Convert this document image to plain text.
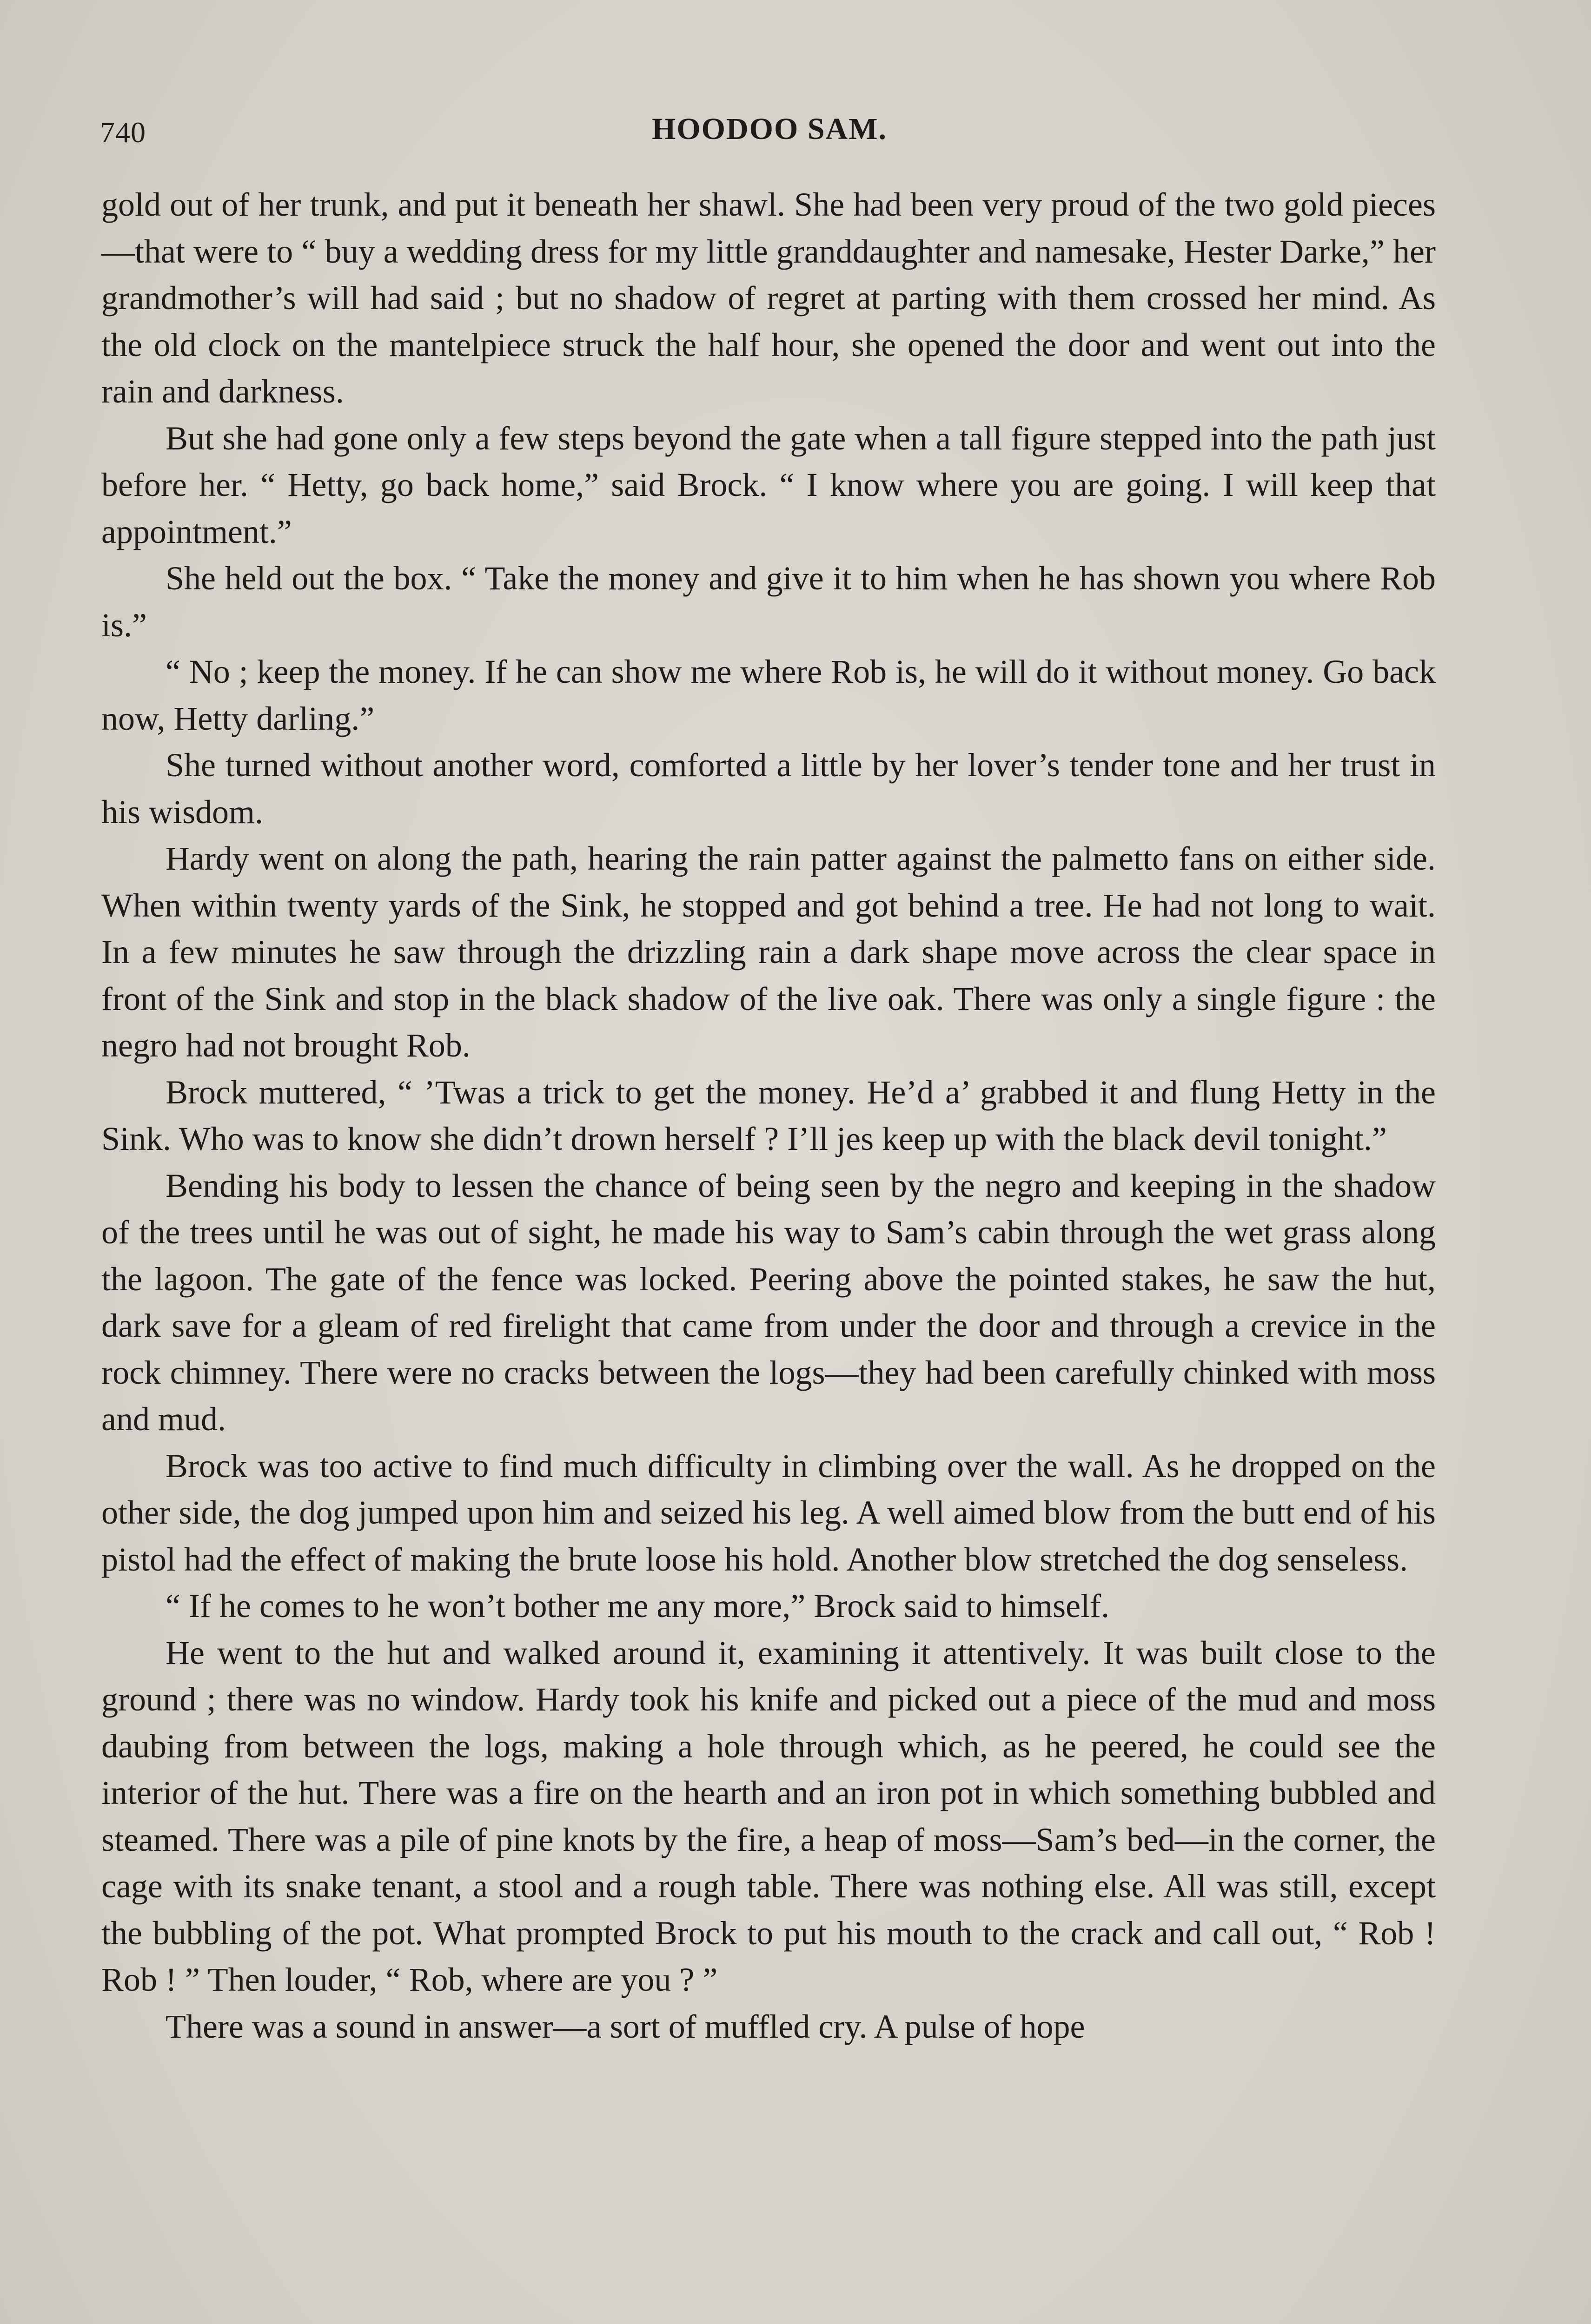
740	HOODOO SAM.

gold out of her trunk, and put it beneath her shawl. She had been very proud of the two gold pieces—that were to “ buy a wedding dress for my little granddaughter and namesake, Hester Darke,” her grandmother’s will had said ; but no shadow of regret at parting with them crossed her mind. As the old clock on the mantelpiece struck the half hour, she opened the door and went out into the rain and darkness.

But she had gone only a few steps beyond the gate when a tall figure stepped into the path just before her. “ Hetty, go back home,” said Brock. “ I know where you are going. I will keep that appointment.”

She held out the box. “ Take the money and give it to him when he has shown you where Rob is.”

“ No ; keep the money. If he can show me where Rob is, he will do it without money. Go back now, Hetty darling.”

She turned without another word, comforted a little by her lover’s tender tone and her trust in his wisdom.

Hardy went on along the path, hearing the rain patter against the palmetto fans on either side. When within twenty yards of the Sink, he stopped and got behind a tree. He had not long to wait. In a few minutes he saw through the drizzling rain a dark shape move across the clear space in front of the Sink and stop in the black shadow of the live oak. There was only a single figure : the negro had not brought Rob.

Brock muttered, “ ’Twas a trick to get the money. He’d a’ grabbed it and flung Hetty in the Sink. Who was to know she didn’t drown herself ? I’ll jes keep up with the black devil tonight.”

Bending his body to lessen the chance of being seen by the negro and keeping in the shadow of the trees until he was out of sight, he made his way to Sam’s cabin through the wet grass along the lagoon. The gate of the fence was locked. Peering above the pointed stakes, he saw the hut, dark save for a gleam of red firelight that came from under the door and through a crevice in the rock chimney. There were no cracks between the logs—they had been carefully chinked with moss and mud.

Brock was too active to find much difficulty in climbing over the wall. As he dropped on the other side, the dog jumped upon him and seized his leg. A well aimed blow from the butt end of his pistol had the effect of making the brute loose his hold. Another blow stretched the dog senseless.

“ If he comes to he won’t bother me any more,” Brock said to himself.

He went to the hut and walked around it, examining it attentively. It was built close to the ground ; there was no window. Hardy took his knife and picked out a piece of the mud and moss daubing from between the logs, making a hole through which, as he peered, he could see the interior of the hut. There was a fire on the hearth and an iron pot in which something bubbled and steamed. There was a pile of pine knots by the fire, a heap of moss—Sam’s bed—in the corner, the cage with its snake tenant, a stool and a rough table. There was nothing else. All was still, except the bubbling of the pot. What prompted Brock to put his mouth to the crack and call out, “ Rob ! Rob ! ” Then louder, “ Rob, where are you ? ”

There was a sound in answer—a sort of muffled cry. A pulse of hope
